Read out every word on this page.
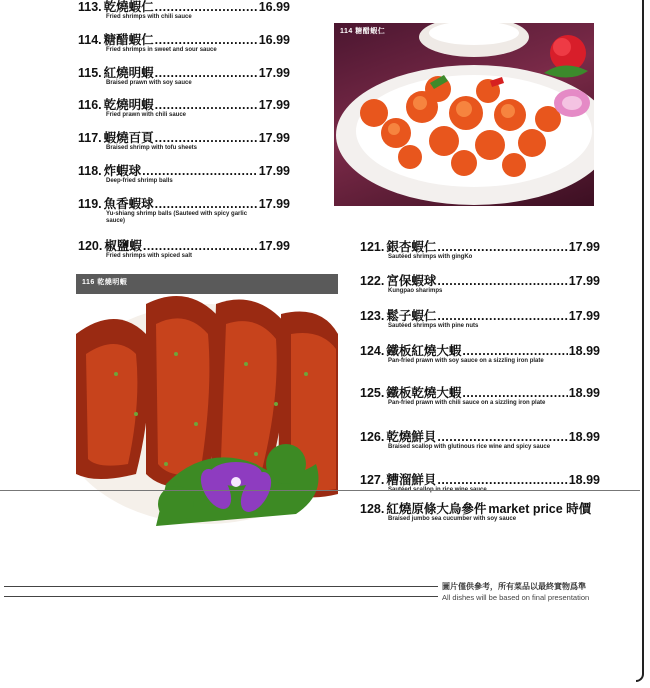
113. 乾燒蝦仁 .....	16.99
Fried shrimps with chili sauce
114. 糖醋蝦仁 .....	16.99
Fried shrimps in sweet and sour sauce
115. 紅燒明蝦 .....	17.99
Braised prawn with soy sauce
116. 乾燒明蝦 .....	17.99
Fried prawn with chili sauce
117. 蝦燒百頁 .....	17.99
Braised shrimp with tofu sheets
118. 炸蝦球 .....	17.99
Deep-fried shrimp balls
119. 魚香蝦球 .....	17.99
Yu-shiang shrimp balls (Sauteed with spicy garlic sauce)
120. 椒鹽蝦 .....	17.99
Fried shrimps with spiced salt
114 糖醋蝦仁
116 乾燒明蝦
121. 銀杏蝦仁 .....	17.99
Sautéed shrimps with gingKo
122. 宮保蝦球 .....	17.99
Kungpao sharimps
123. 鬆子蝦仁 .....	17.99
Sautéed shrimps with pine nuts
124. 鐵板紅燒大蝦 .....	18.99
Pan-fried prawn with soy sauce on a sizzling iron plate
125. 鐵板乾燒大蝦 .....	18.99
Pan-fried prawn with chili sauce on a sizzling iron plate
126. 乾燒鮮貝 .....	18.99
Braised scallop with glutinous rice wine and spicy sauce
127. 糟溜鮮貝 .....	18.99
Sautéed scallop in rice wine sauce
128. 紅燒原條大烏參件 market price 時價
Braised jumbo sea cucumber with soy sauce
圖片僅供參考，所有菜品以最終實物爲準
All dishes will be based on final presentation
